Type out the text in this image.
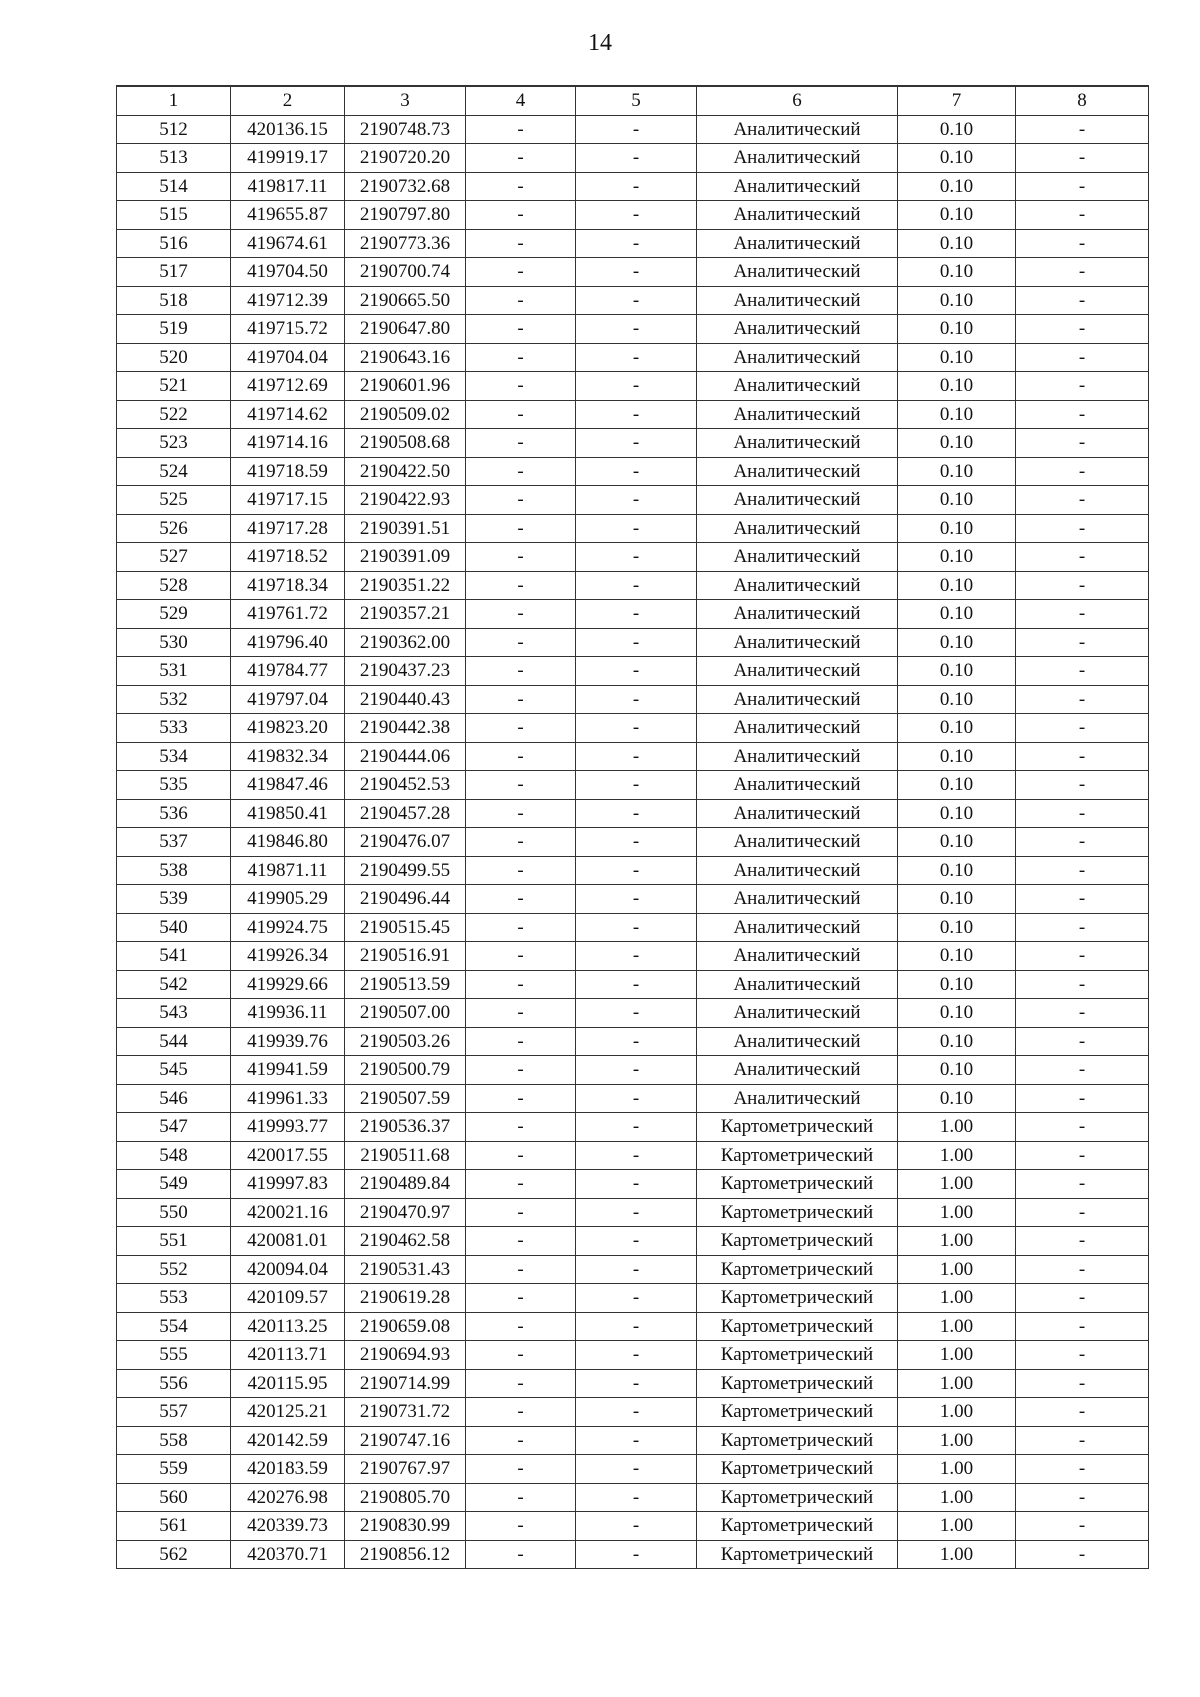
14
1	2	3	4	5	6	7	8
512	420136.15	2190748.73	-	-	Аналитический	0.10	-
513	419919.17	2190720.20	-	-	Аналитический	0.10	-
514	419817.11	2190732.68	-	-	Аналитический	0.10	-
515	419655.87	2190797.80	-	-	Аналитический	0.10	-
516	419674.61	2190773.36	-	-	Аналитический	0.10	-
517	419704.50	2190700.74	-	-	Аналитический	0.10	-
518	419712.39	2190665.50	-	-	Аналитический	0.10	-
519	419715.72	2190647.80	-	-	Аналитический	0.10	-
520	419704.04	2190643.16	-	-	Аналитический	0.10	-
521	419712.69	2190601.96	-	-	Аналитический	0.10	-
522	419714.62	2190509.02	-	-	Аналитический	0.10	-
523	419714.16	2190508.68	-	-	Аналитический	0.10	-
524	419718.59	2190422.50	-	-	Аналитический	0.10	-
525	419717.15	2190422.93	-	-	Аналитический	0.10	-
526	419717.28	2190391.51	-	-	Аналитический	0.10	-
527	419718.52	2190391.09	-	-	Аналитический	0.10	-
528	419718.34	2190351.22	-	-	Аналитический	0.10	-
529	419761.72	2190357.21	-	-	Аналитический	0.10	-
530	419796.40	2190362.00	-	-	Аналитический	0.10	-
531	419784.77	2190437.23	-	-	Аналитический	0.10	-
532	419797.04	2190440.43	-	-	Аналитический	0.10	-
533	419823.20	2190442.38	-	-	Аналитический	0.10	-
534	419832.34	2190444.06	-	-	Аналитический	0.10	-
535	419847.46	2190452.53	-	-	Аналитический	0.10	-
536	419850.41	2190457.28	-	-	Аналитический	0.10	-
537	419846.80	2190476.07	-	-	Аналитический	0.10	-
538	419871.11	2190499.55	-	-	Аналитический	0.10	-
539	419905.29	2190496.44	-	-	Аналитический	0.10	-
540	419924.75	2190515.45	-	-	Аналитический	0.10	-
541	419926.34	2190516.91	-	-	Аналитический	0.10	-
542	419929.66	2190513.59	-	-	Аналитический	0.10	-
543	419936.11	2190507.00	-	-	Аналитический	0.10	-
544	419939.76	2190503.26	-	-	Аналитический	0.10	-
545	419941.59	2190500.79	-	-	Аналитический	0.10	-
546	419961.33	2190507.59	-	-	Аналитический	0.10	-
547	419993.77	2190536.37	-	-	Картометрический	1.00	-
548	420017.55	2190511.68	-	-	Картометрический	1.00	-
549	419997.83	2190489.84	-	-	Картометрический	1.00	-
550	420021.16	2190470.97	-	-	Картометрический	1.00	-
551	420081.01	2190462.58	-	-	Картометрический	1.00	-
552	420094.04	2190531.43	-	-	Картометрический	1.00	-
553	420109.57	2190619.28	-	-	Картометрический	1.00	-
554	420113.25	2190659.08	-	-	Картометрический	1.00	-
555	420113.71	2190694.93	-	-	Картометрический	1.00	-
556	420115.95	2190714.99	-	-	Картометрический	1.00	-
557	420125.21	2190731.72	-	-	Картометрический	1.00	-
558	420142.59	2190747.16	-	-	Картометрический	1.00	-
559	420183.59	2190767.97	-	-	Картометрический	1.00	-
560	420276.98	2190805.70	-	-	Картометрический	1.00	-
561	420339.73	2190830.99	-	-	Картометрический	1.00	-
562	420370.71	2190856.12	-	-	Картометрический	1.00	-
